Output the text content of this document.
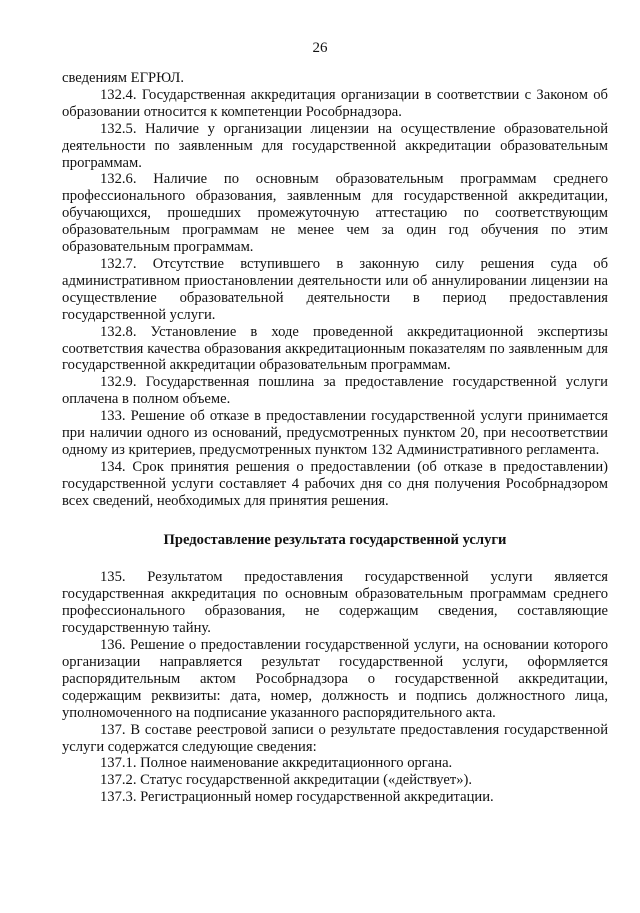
26

сведениям ЕГРЮЛ.

132.4. Государственная аккредитация организации в соответствии с Законом об образовании относится к компетенции Рособрнадзора.

132.5. Наличие у организации лицензии на осуществление образовательной деятельности по заявленным для государственной аккредитации образовательным программам.

132.6. Наличие по основным образовательным программам среднего профессионального образования, заявленным для государственной аккредитации, обучающихся, прошедших промежуточную аттестацию по соответствующим образовательным программам не менее чем за один год обучения по этим образовательным программам.

132.7. Отсутствие вступившего в законную силу решения суда об административном приостановлении деятельности или об аннулировании лицензии на осуществление образовательной деятельности в период предоставления государственной услуги.

132.8. Установление в ходе проведенной аккредитационной экспертизы соответствия качества образования аккредитационным показателям по заявленным для государственной аккредитации образовательным программам.

132.9. Государственная пошлина за предоставление государственной услуги оплачена в полном объеме.

133. Решение об отказе в предоставлении государственной услуги принимается при наличии одного из оснований, предусмотренных пунктом 20, при несоответствии одному из критериев, предусмотренных пунктом 132 Административного регламента.

134. Срок принятия решения о предоставлении (об отказе в предоставлении) государственной услуги составляет 4 рабочих дня со дня получения Рособрнадзором всех сведений, необходимых для принятия решения.

Предоставление результата государственной услуги

135. Результатом предоставления государственной услуги является государственная аккредитация по основным образовательным программам среднего профессионального образования, не содержащим сведения, составляющие государственную тайну.

136. Решение о предоставлении государственной услуги, на основании которого организации направляется результат государственной услуги, оформляется распорядительным актом Рособрнадзора о государственной аккредитации, содержащим реквизиты: дата, номер, должность и подпись должностного лица, уполномоченного на подписание указанного распорядительного акта.

137. В составе реестровой записи о результате предоставления государственной услуги содержатся следующие сведения:

137.1. Полное наименование аккредитационного органа.

137.2. Статус государственной аккредитации («действует»).

137.3. Регистрационный номер государственной аккредитации.
